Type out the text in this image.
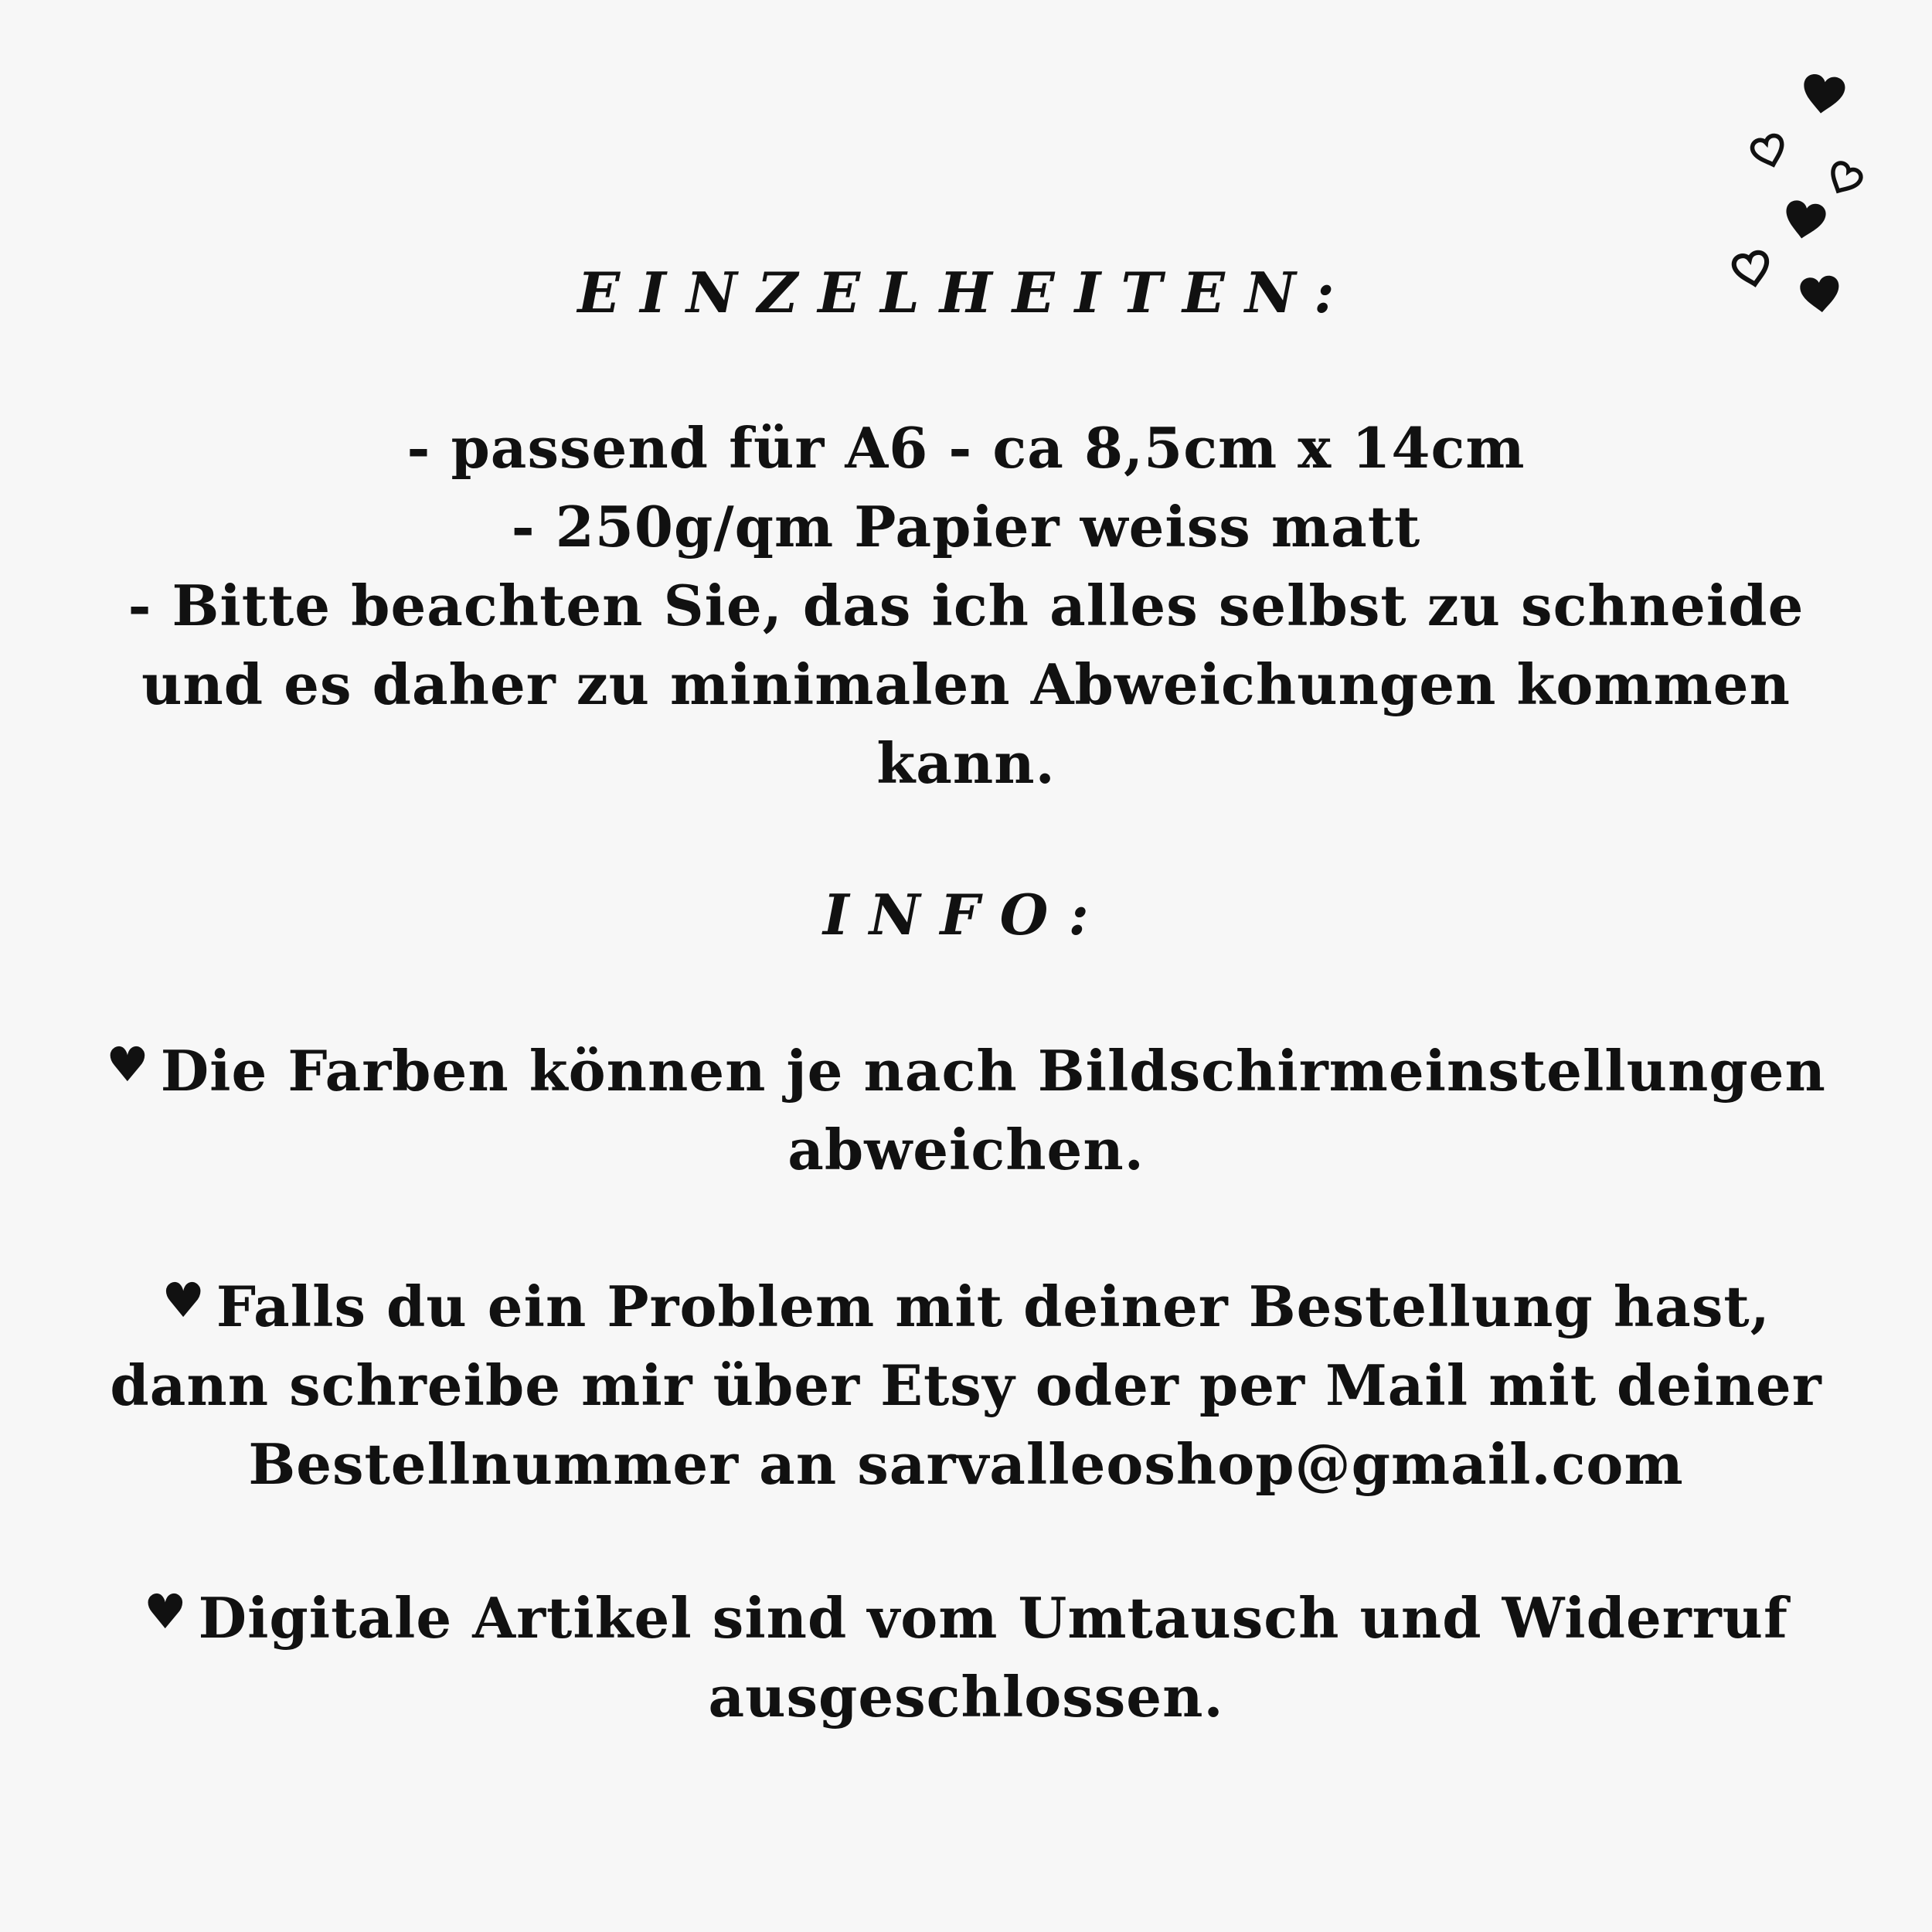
EINZELHEITEN:
- passend für A6 - ca 8,5cm x 14cm
- 250g/qm Papier weiss matt
- Bitte beachten Sie, das ich alles selbst zu schneide
und es daher zu minimalen Abweichungen kommen
kann.
INFO:
♥ Die Farben können je nach Bildschirmeinstellungen
abweichen.
♥ Falls du ein Problem mit deiner Bestellung hast,
dann schreibe mir über Etsy oder per Mail mit deiner
Bestellnummer an sarvalleoshop@gmail.com
♥ Digitale Artikel sind vom Umtausch und Widerruf
ausgeschlossen.
